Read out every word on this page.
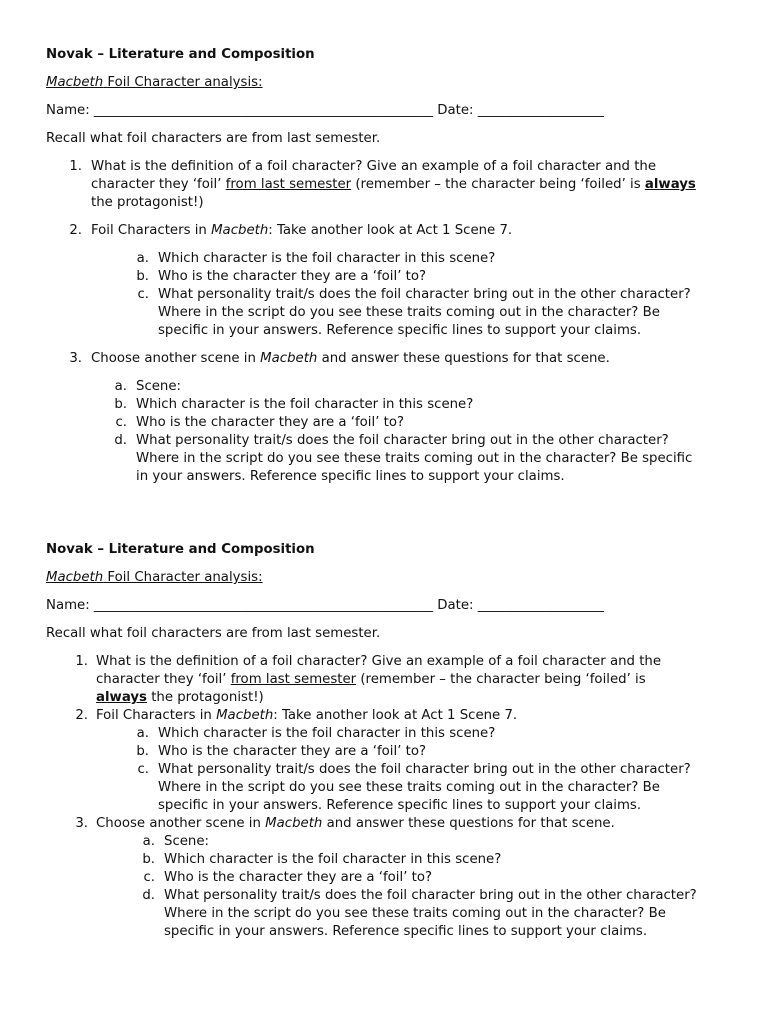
Novak – Literature and Composition

Macbeth Foil Character analysis:

Name: ___________________________________________________ Date: ___________________

Recall what foil characters are from last semester.

1. What is the definition of a foil character? Give an example of a foil character and the
character they ‘foil’ from last semester (remember – the character being ‘foiled’ is always
the protagonist!)
2. Foil Characters in Macbeth: Take another look at Act 1 Scene 7.
a. Which character is the foil character in this scene?
b. Who is the character they are a ‘foil’ to?
c. What personality trait/s does the foil character bring out in the other character?
Where in the script do you see these traits coming out in the character? Be
specific in your answers. Reference specific lines to support your claims.
3. Choose another scene in Macbeth and answer these questions for that scene.
a. Scene:
b. Which character is the foil character in this scene?
c. Who is the character they are a ‘foil’ to?
d. What personality trait/s does the foil character bring out in the other character?
Where in the script do you see these traits coming out in the character? Be specific
in your answers. Reference specific lines to support your claims.

Novak – Literature and Composition

Macbeth Foil Character analysis:

Name: ___________________________________________________ Date: ___________________

Recall what foil characters are from last semester.

1. What is the definition of a foil character? Give an example of a foil character and the
character they ‘foil’ from last semester (remember – the character being ‘foiled’ is
always the protagonist!)
2. Foil Characters in Macbeth: Take another look at Act 1 Scene 7.
a. Which character is the foil character in this scene?
b. Who is the character they are a ‘foil’ to?
c. What personality trait/s does the foil character bring out in the other character?
Where in the script do you see these traits coming out in the character? Be
specific in your answers. Reference specific lines to support your claims.
3. Choose another scene in Macbeth and answer these questions for that scene.
a. Scene:
b. Which character is the foil character in this scene?
c. Who is the character they are a ‘foil’ to?
d. What personality trait/s does the foil character bring out in the other character?
Where in the script do you see these traits coming out in the character? Be
specific in your answers. Reference specific lines to support your claims.
